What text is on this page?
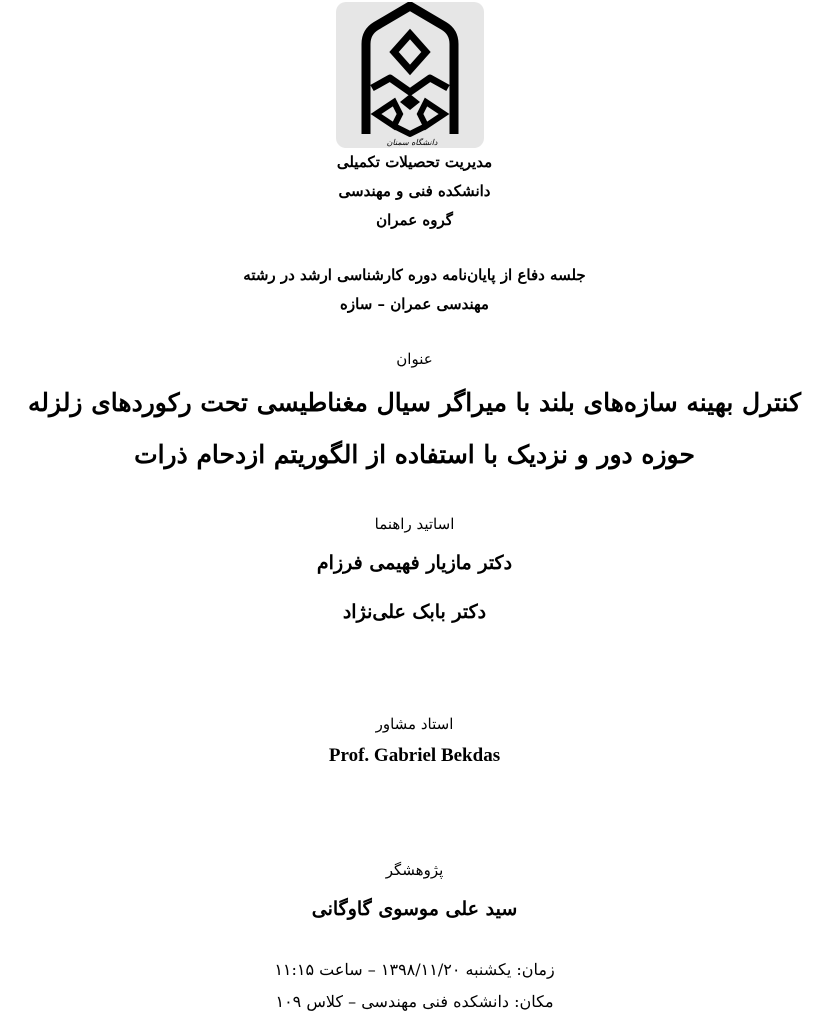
دانشگاه سمنان
مدیریت تحصیلات تکمیلی
دانشکده فنی و مهندسی
گروه عمران
جلسه دفاع از پایان‌نامه دوره کارشناسی ارشد در رشته
مهندسی عمران – سازه
عنوان
کنترل بهینه سازه‌های بلند با میراگر سیال مغناطیسی تحت رکوردهای زلزله
حوزه دور و نزدیک با استفاده از الگوریتم ازدحام ذرات
اساتید راهنما
دکتر مازیار فهیمی فرزام
دکتر بابک علی‌نژاد
استاد مشاور
Prof. Gabriel Bekdas
پژوهشگر
سید علی موسوی گاوگانی
زمان: یکشنبه ۱۳۹۸/۱۱/۲۰ – ساعت ۱۱:۱۵
مکان: دانشکده فنی مهندسی – کلاس ۱۰۹
